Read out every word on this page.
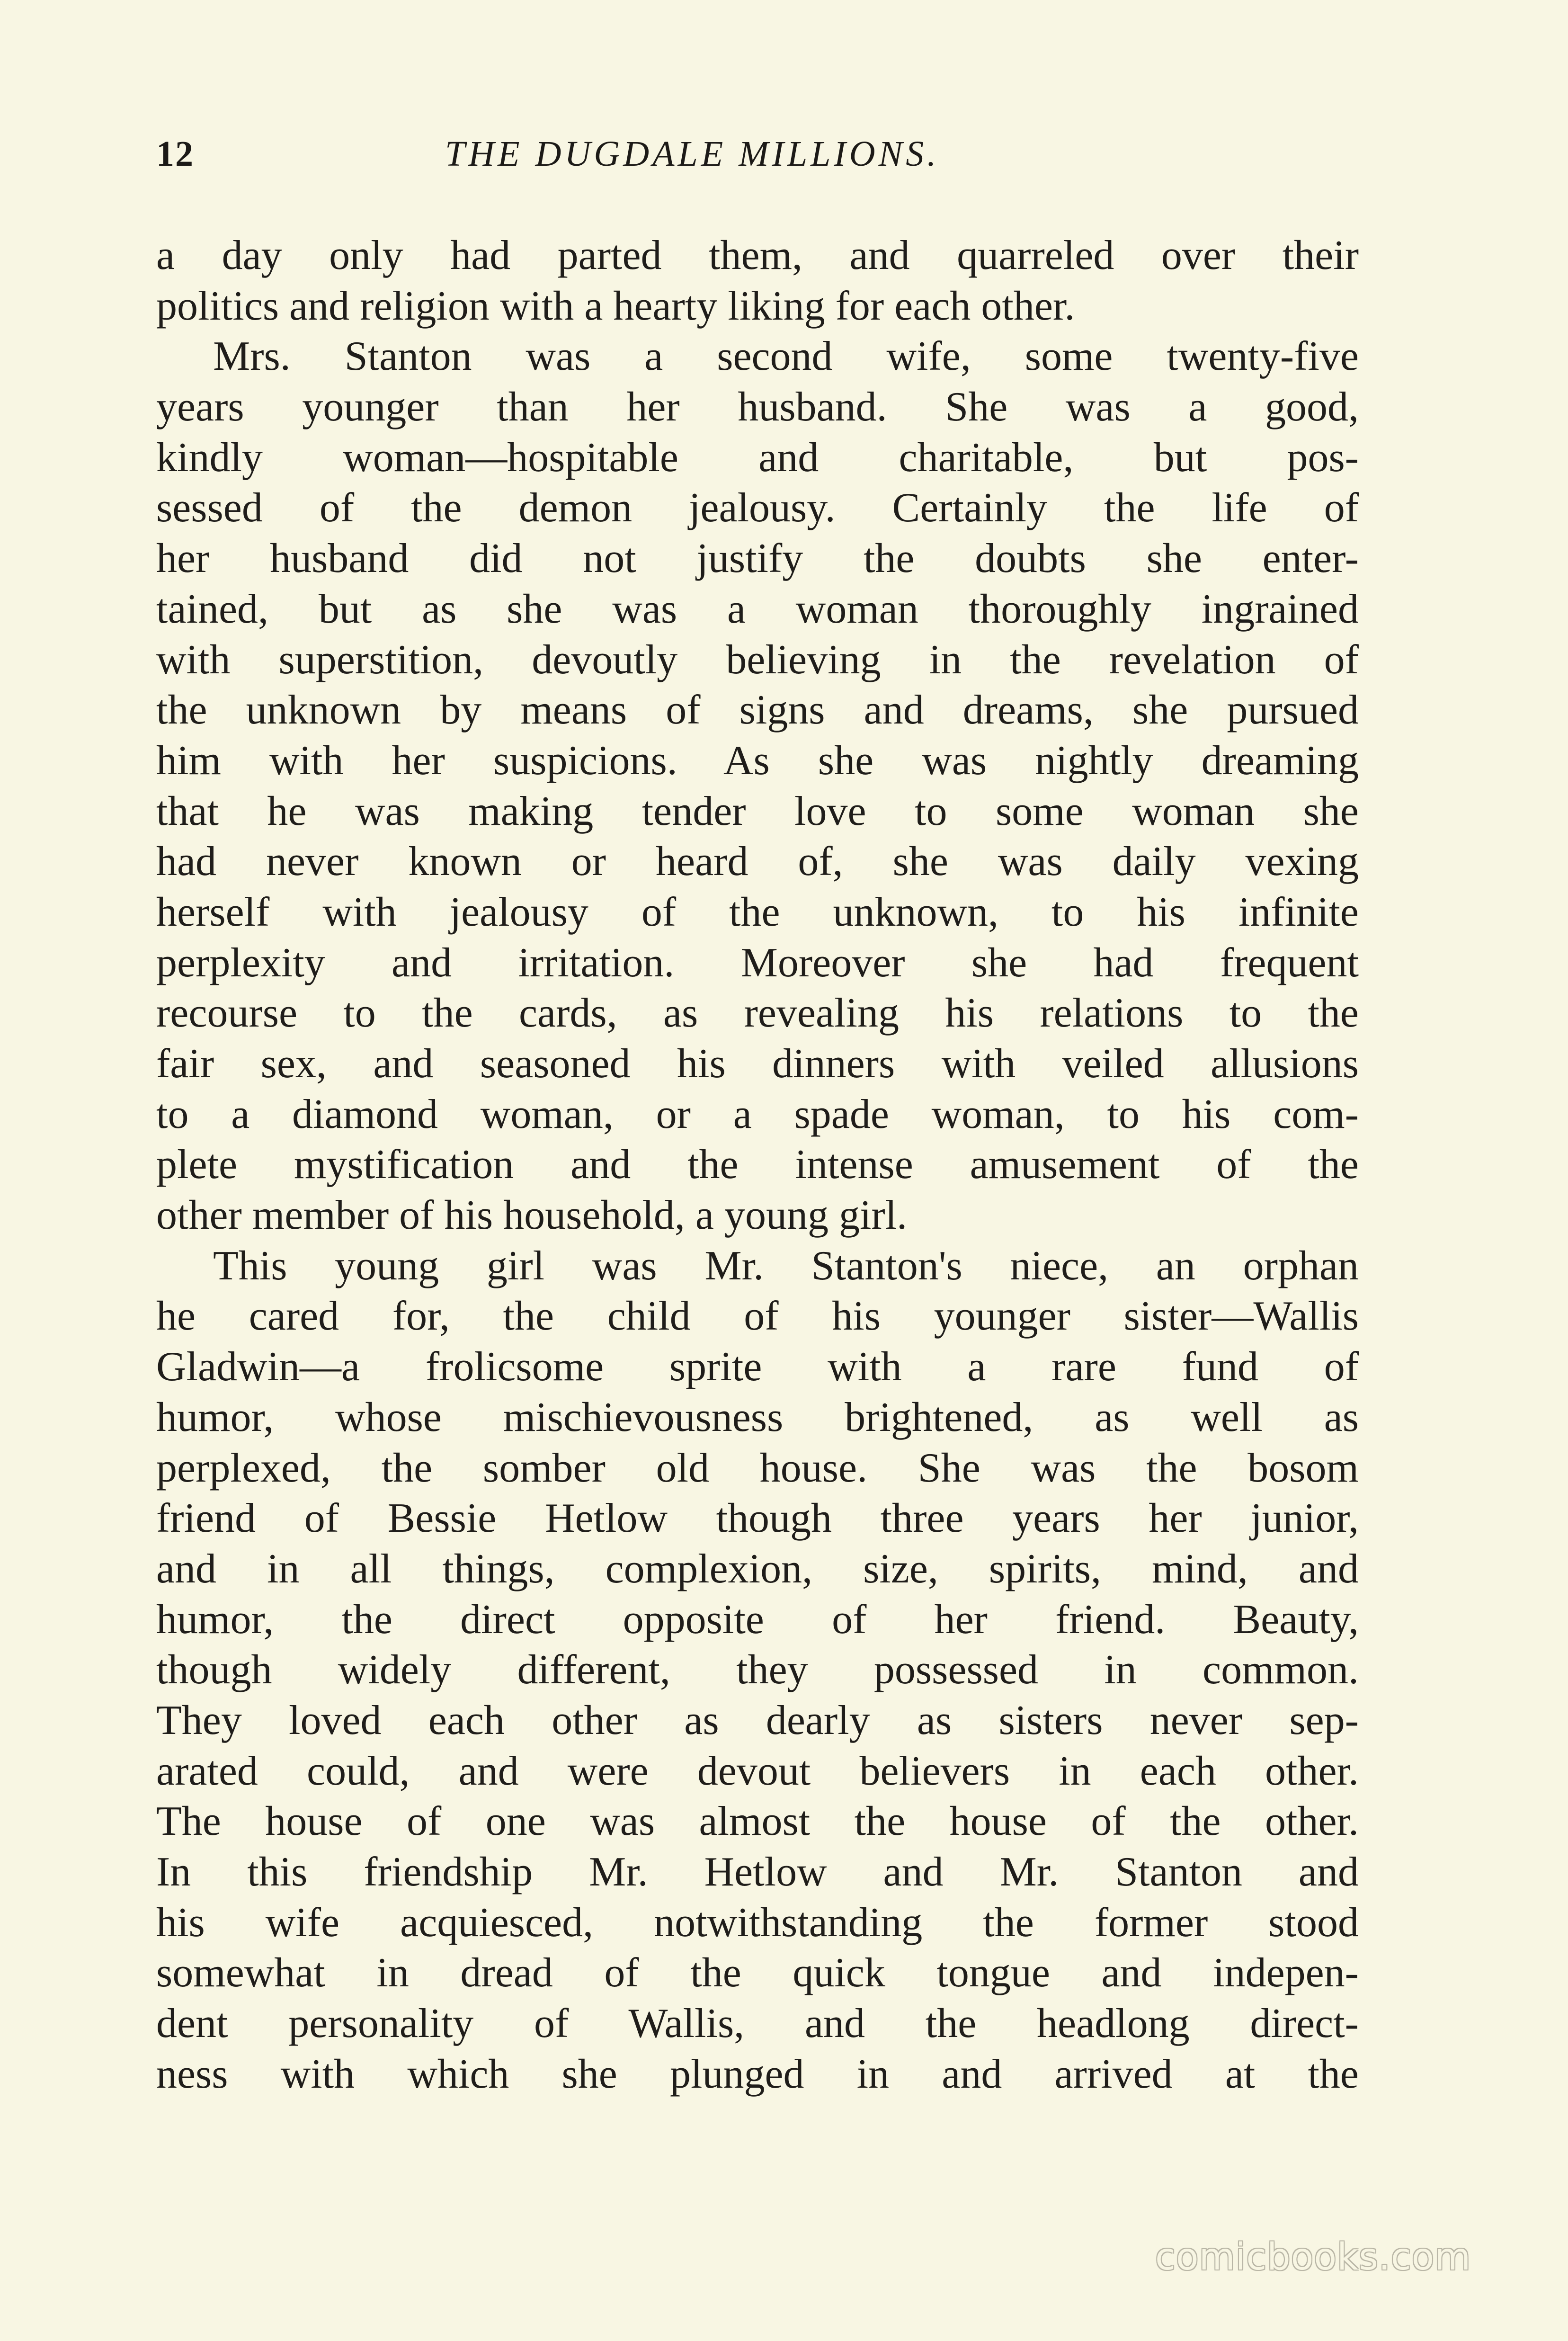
12	THE DUGDALE MILLIONS.
a day only had parted them, and quarreled over their
politics and religion with a hearty liking for each other.
Mrs. Stanton was a second wife, some twenty-five
years younger than her husband. She was a good,
kindly woman—hospitable and charitable, but pos-
sessed of the demon jealousy. Certainly the life of
her husband did not justify the doubts she enter-
tained, but as she was a woman thoroughly ingrained
with superstition, devoutly believing in the revelation of
the unknown by means of signs and dreams, she pursued
him with her suspicions. As she was nightly dreaming
that he was making tender love to some woman she
had never known or heard of, she was daily vexing
herself with jealousy of the unknown, to his infinite
perplexity and irritation. Moreover she had frequent
recourse to the cards, as revealing his relations to the
fair sex, and seasoned his dinners with veiled allusions
to a diamond woman, or a spade woman, to his com-
plete mystification and the intense amusement of the
other member of his household, a young girl.
This young girl was Mr. Stanton's niece, an orphan
he cared for, the child of his younger sister—Wallis
Gladwin—a frolicsome sprite with a rare fund of
humor, whose mischievousness brightened, as well as
perplexed, the somber old house. She was the bosom
friend of Bessie Hetlow though three years her junior,
and in all things, complexion, size, spirits, mind, and
humor, the direct opposite of her friend. Beauty,
though widely different, they possessed in common.
They loved each other as dearly as sisters never sep-
arated could, and were devout believers in each other.
The house of one was almost the house of the other.
In this friendship Mr. Hetlow and Mr. Stanton and
his wife acquiesced, notwithstanding the former stood
somewhat in dread of the quick tongue and indepen-
dent personality of Wallis, and the headlong direct-
ness with which she plunged in and arrived at the
comicbooks.com
